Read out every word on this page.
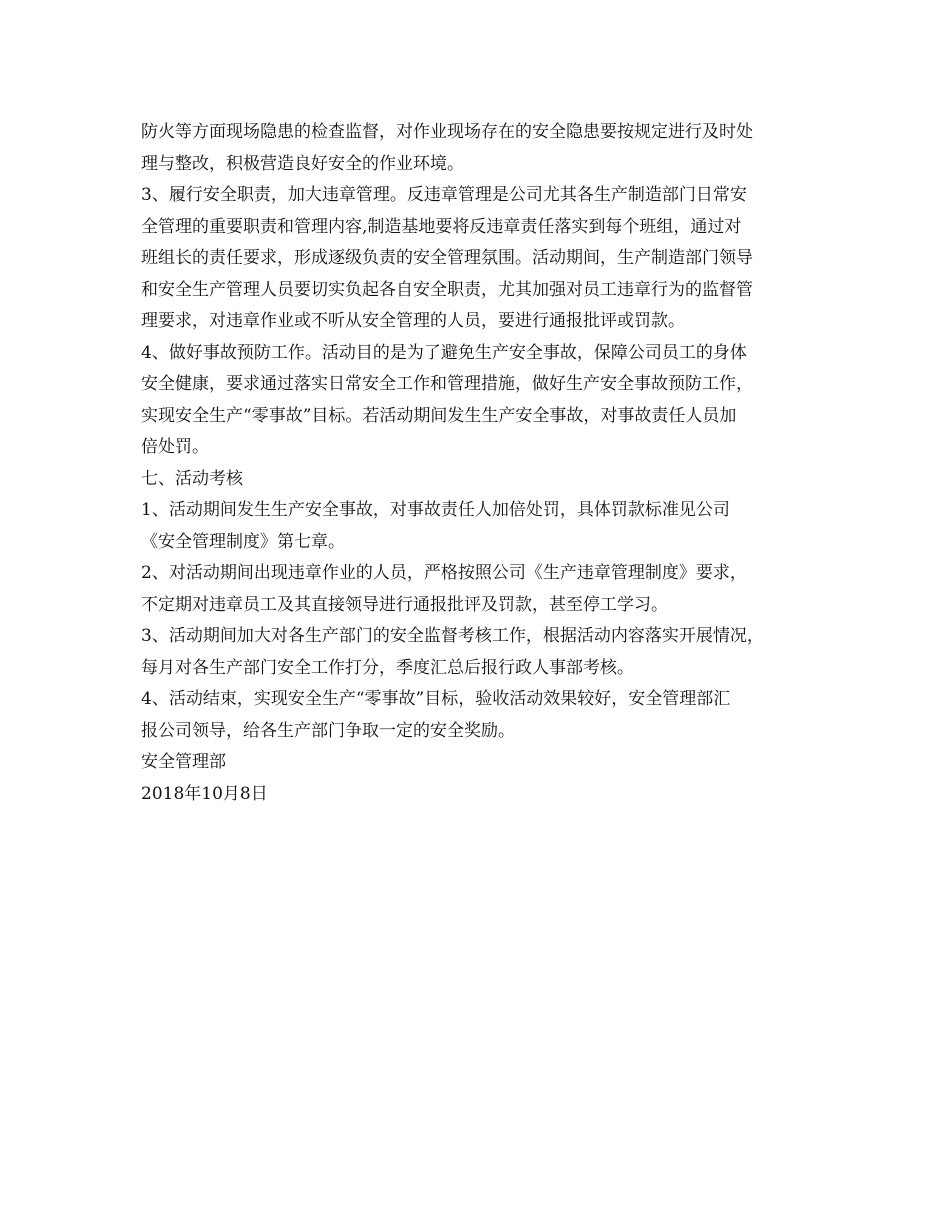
防火等方面现场隐患的检查监督，对作业现场存在的安全隐患要按规定进行及时处
理与整改，积极营造良好安全的作业环境。
3、履行安全职责，加大违章管理。反违章管理是公司尤其各生产制造部门日常安
全管理的重要职责和管理内容,制造基地要将反违章责任落实到每个班组，通过对
班组长的责任要求，形成逐级负责的安全管理氛围。活动期间，生产制造部门领导
和安全生产管理人员要切实负起各自安全职责，尤其加强对员工违章行为的监督管
理要求，对违章作业或不听从安全管理的人员，要进行通报批评或罚款。
4、做好事故预防工作。活动目的是为了避免生产安全事故，保障公司员工的身体
安全健康，要求通过落实日常安全工作和管理措施，做好生产安全事故预防工作，
实现安全生产“零事故”目标。若活动期间发生生产安全事故，对事故责任人员加
倍处罚。
七、活动考核
1、活动期间发生生产安全事故，对事故责任人加倍处罚，具体罚款标准见公司
《安全管理制度》第七章。
2、对活动期间出现违章作业的人员，严格按照公司《生产违章管理制度》要求，
不定期对违章员工及其直接领导进行通报批评及罚款，甚至停工学习。
3、活动期间加大对各生产部门的安全监督考核工作，根据活动内容落实开展情况，
每月对各生产部门安全工作打分，季度汇总后报行政人事部考核。
4、活动结束，实现安全生产“零事故”目标，验收活动效果较好，安全管理部汇
报公司领导，给各生产部门争取一定的安全奖励。
安全管理部
2018年10月8日
